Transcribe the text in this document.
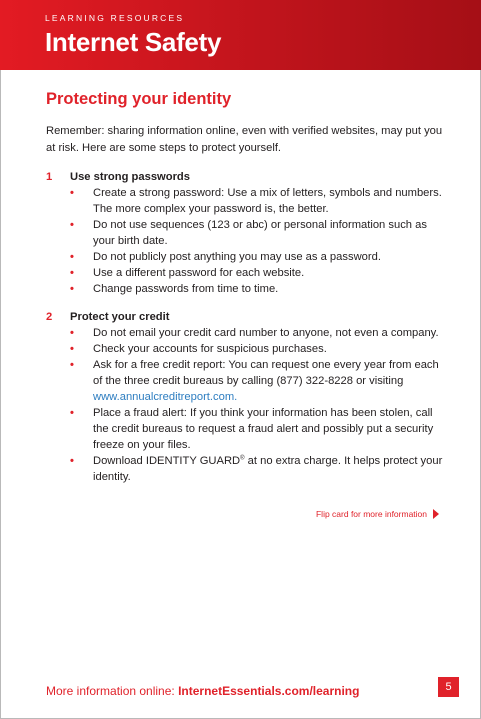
LEARNING RESOURCES
Internet Safety
Protecting your identity
Remember: sharing information online, even with verified websites, may put you at risk. Here are some steps to protect yourself.
1 Use strong passwords
• Create a strong password: Use a mix of letters, symbols and numbers. The more complex your password is, the better.
• Do not use sequences (123 or abc) or personal information such as your birth date.
• Do not publicly post anything you may use as a password.
• Use a different password for each website.
• Change passwords from time to time.
2 Protect your credit
• Do not email your credit card number to anyone, not even a company.
• Check your accounts for suspicious purchases.
• Ask for a free credit report: You can request one every year from each of the three credit bureaus by calling (877) 322-8228 or visiting www.annualcreditreport.com.
• Place a fraud alert: If you think your information has been stolen, call the credit bureaus to request a fraud alert and possibly put a security freeze on your files.
• Download IDENTITY GUARD® at no extra charge. It helps protect your identity.
Flip card for more information
More information online: InternetEssentials.com/learning	5
